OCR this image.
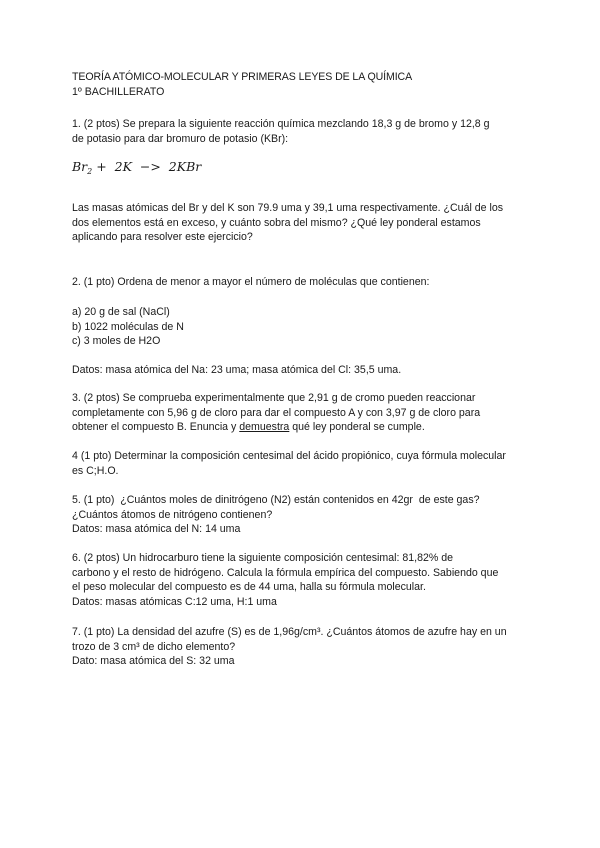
TEORÍA ATÓMICO-MOLECULAR Y PRIMERAS LEYES DE LA QUÍMICA
1º BACHILLERATO
1. (2 ptos) Se prepara la siguiente reacción química mezclando 18,3 g de bromo y 12,8 g
de potasio para dar bromuro de potasio (KBr):
$Br_2 + 2K -> 2KBr$
Las masas atómicas del Br y del K son 79.9 uma y 39,1 uma respectivamente. ¿Cuál de los
dos elementos está en exceso, y cuánto sobra del mismo? ¿Qué ley ponderal estamos
aplicando para resolver este ejercicio?
2. (1 pto) Ordena de menor a mayor el número de moléculas que contienen:
a) 20 g de sal (NaCl)
b) 1022 moléculas de N
c) 3 moles de H2O
Datos: masa atómica del Na: 23 uma; masa atómica del Cl: 35,5 uma.
3. (2 ptos) Se comprueba experimentalmente que 2,91 g de cromo pueden reaccionar
completamente con 5,96 g de cloro para dar el compuesto A y con 3,97 g de cloro para
obtener el compuesto B. Enuncia y demuestra qué ley ponderal se cumple.
4 (1 pto) Determinar la composición centesimal del ácido propiónico, cuya fórmula molecular
es C;H.O.
5. (1 pto)  ¿Cuántos moles de dinitrógeno (N2) están contenidos en 42gr  de este gas?
¿Cuántos átomos de nitrógeno contienen?
Datos: masa atómica del N: 14 uma
6. (2 ptos) Un hidrocarburo tiene la siguiente composición centesimal: 81,82% de
carbono y el resto de hidrógeno. Calcula la fórmula empírica del compuesto. Sabiendo que
el peso molecular del compuesto es de 44 uma, halla su fórmula molecular.
Datos: masas atómicas C:12 uma, H:1 uma
7. (1 pto) La densidad del azufre (S) es de 1,96g/cm³. ¿Cuántos átomos de azufre hay en un
trozo de 3 cm³ de dicho elemento?
Dato: masa atómica del S: 32 uma
